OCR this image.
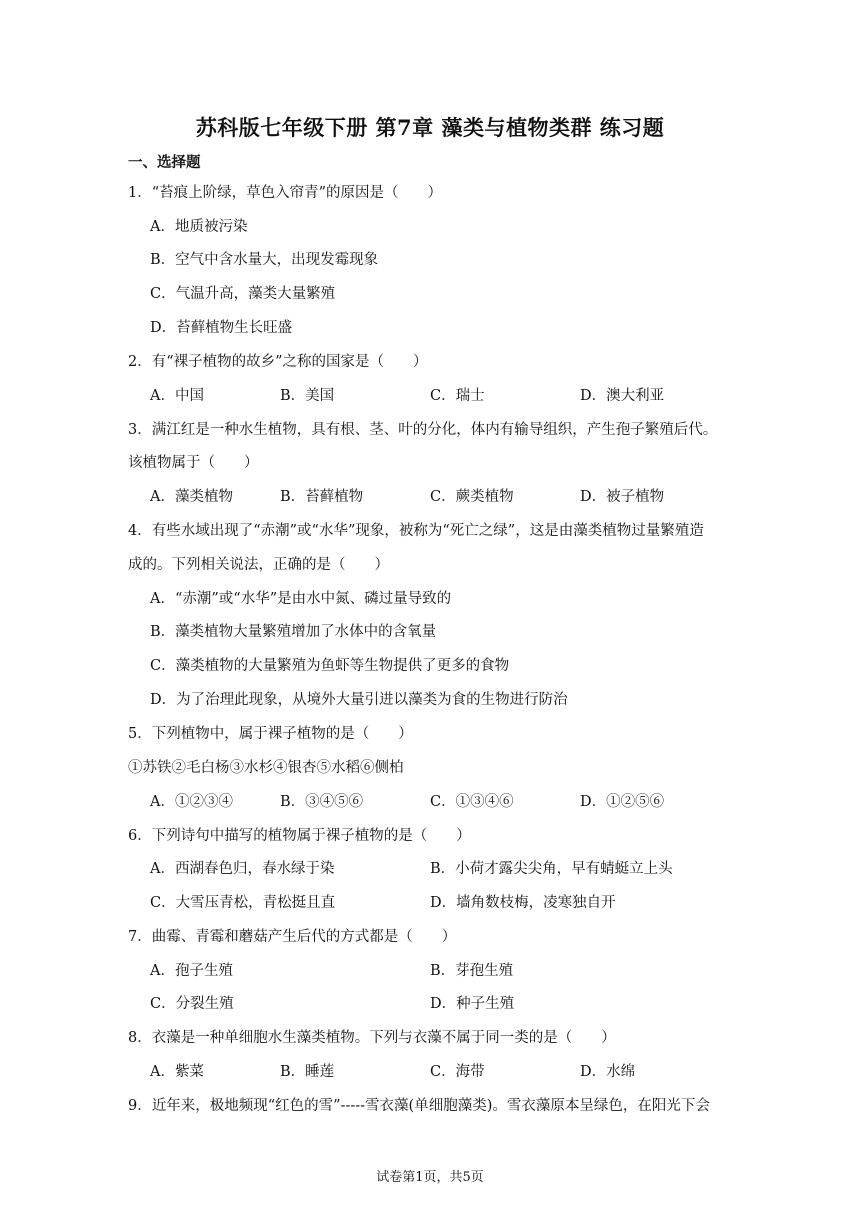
苏科版七年级下册 第7章 藻类与植物类群 练习题
一、选择题
1．“苔痕上阶绿，草色入帘青”的原因是（　　）
A．地质被污染
B．空气中含水量大，出现发霉现象
C．气温升高，藻类大量繁殖
D．苔藓植物生长旺盛
2．有“裸子植物的故乡”之称的国家是（　　）
A．中国	B．美国	C．瑞士	D．澳大利亚
3．满江红是一种水生植物，具有根、茎、叶的分化，体内有输导组织，产生孢子繁殖后代。
该植物属于（　　）
A．藻类植物	B．苔藓植物	C．蕨类植物	D．被子植物
4．有些水域出现了“赤潮”或“水华”现象，被称为“死亡之绿”，这是由藻类植物过量繁殖造
成的。下列相关说法，正确的是（　　）
A．“赤潮”或“水华”是由水中氮、磷过量导致的
B．藻类植物大量繁殖增加了水体中的含氧量
C．藻类植物的大量繁殖为鱼虾等生物提供了更多的食物
D．为了治理此现象，从境外大量引进以藻类为食的生物进行防治
5．下列植物中，属于裸子植物的是（　　）
①苏铁②毛白杨③水杉④银杏⑤水稻⑥侧柏
A．①②③④	B．③④⑤⑥	C．①③④⑥	D．①②⑤⑥
6．下列诗句中描写的植物属于裸子植物的是（　　）
A．西湖春色归，春水绿于染	B．小荷才露尖尖角，早有蜻蜓立上头
C．大雪压青松，青松挺且直	D．墙角数枝梅，凌寒独自开
7．曲霉、青霉和蘑菇产生后代的方式都是（　　）
A．孢子生殖	B．芽孢生殖
C．分裂生殖	D．种子生殖
8．衣藻是一种单细胞水生藻类植物。下列与衣藻不属于同一类的是（　　）
A．紫菜	B．睡莲	C．海带	D．水绵
9．近年来，极地频现“红色的雪”-----雪衣藻(单细胞藻类)。雪衣藻原本呈绿色，在阳光下会
试卷第1页，共5页
